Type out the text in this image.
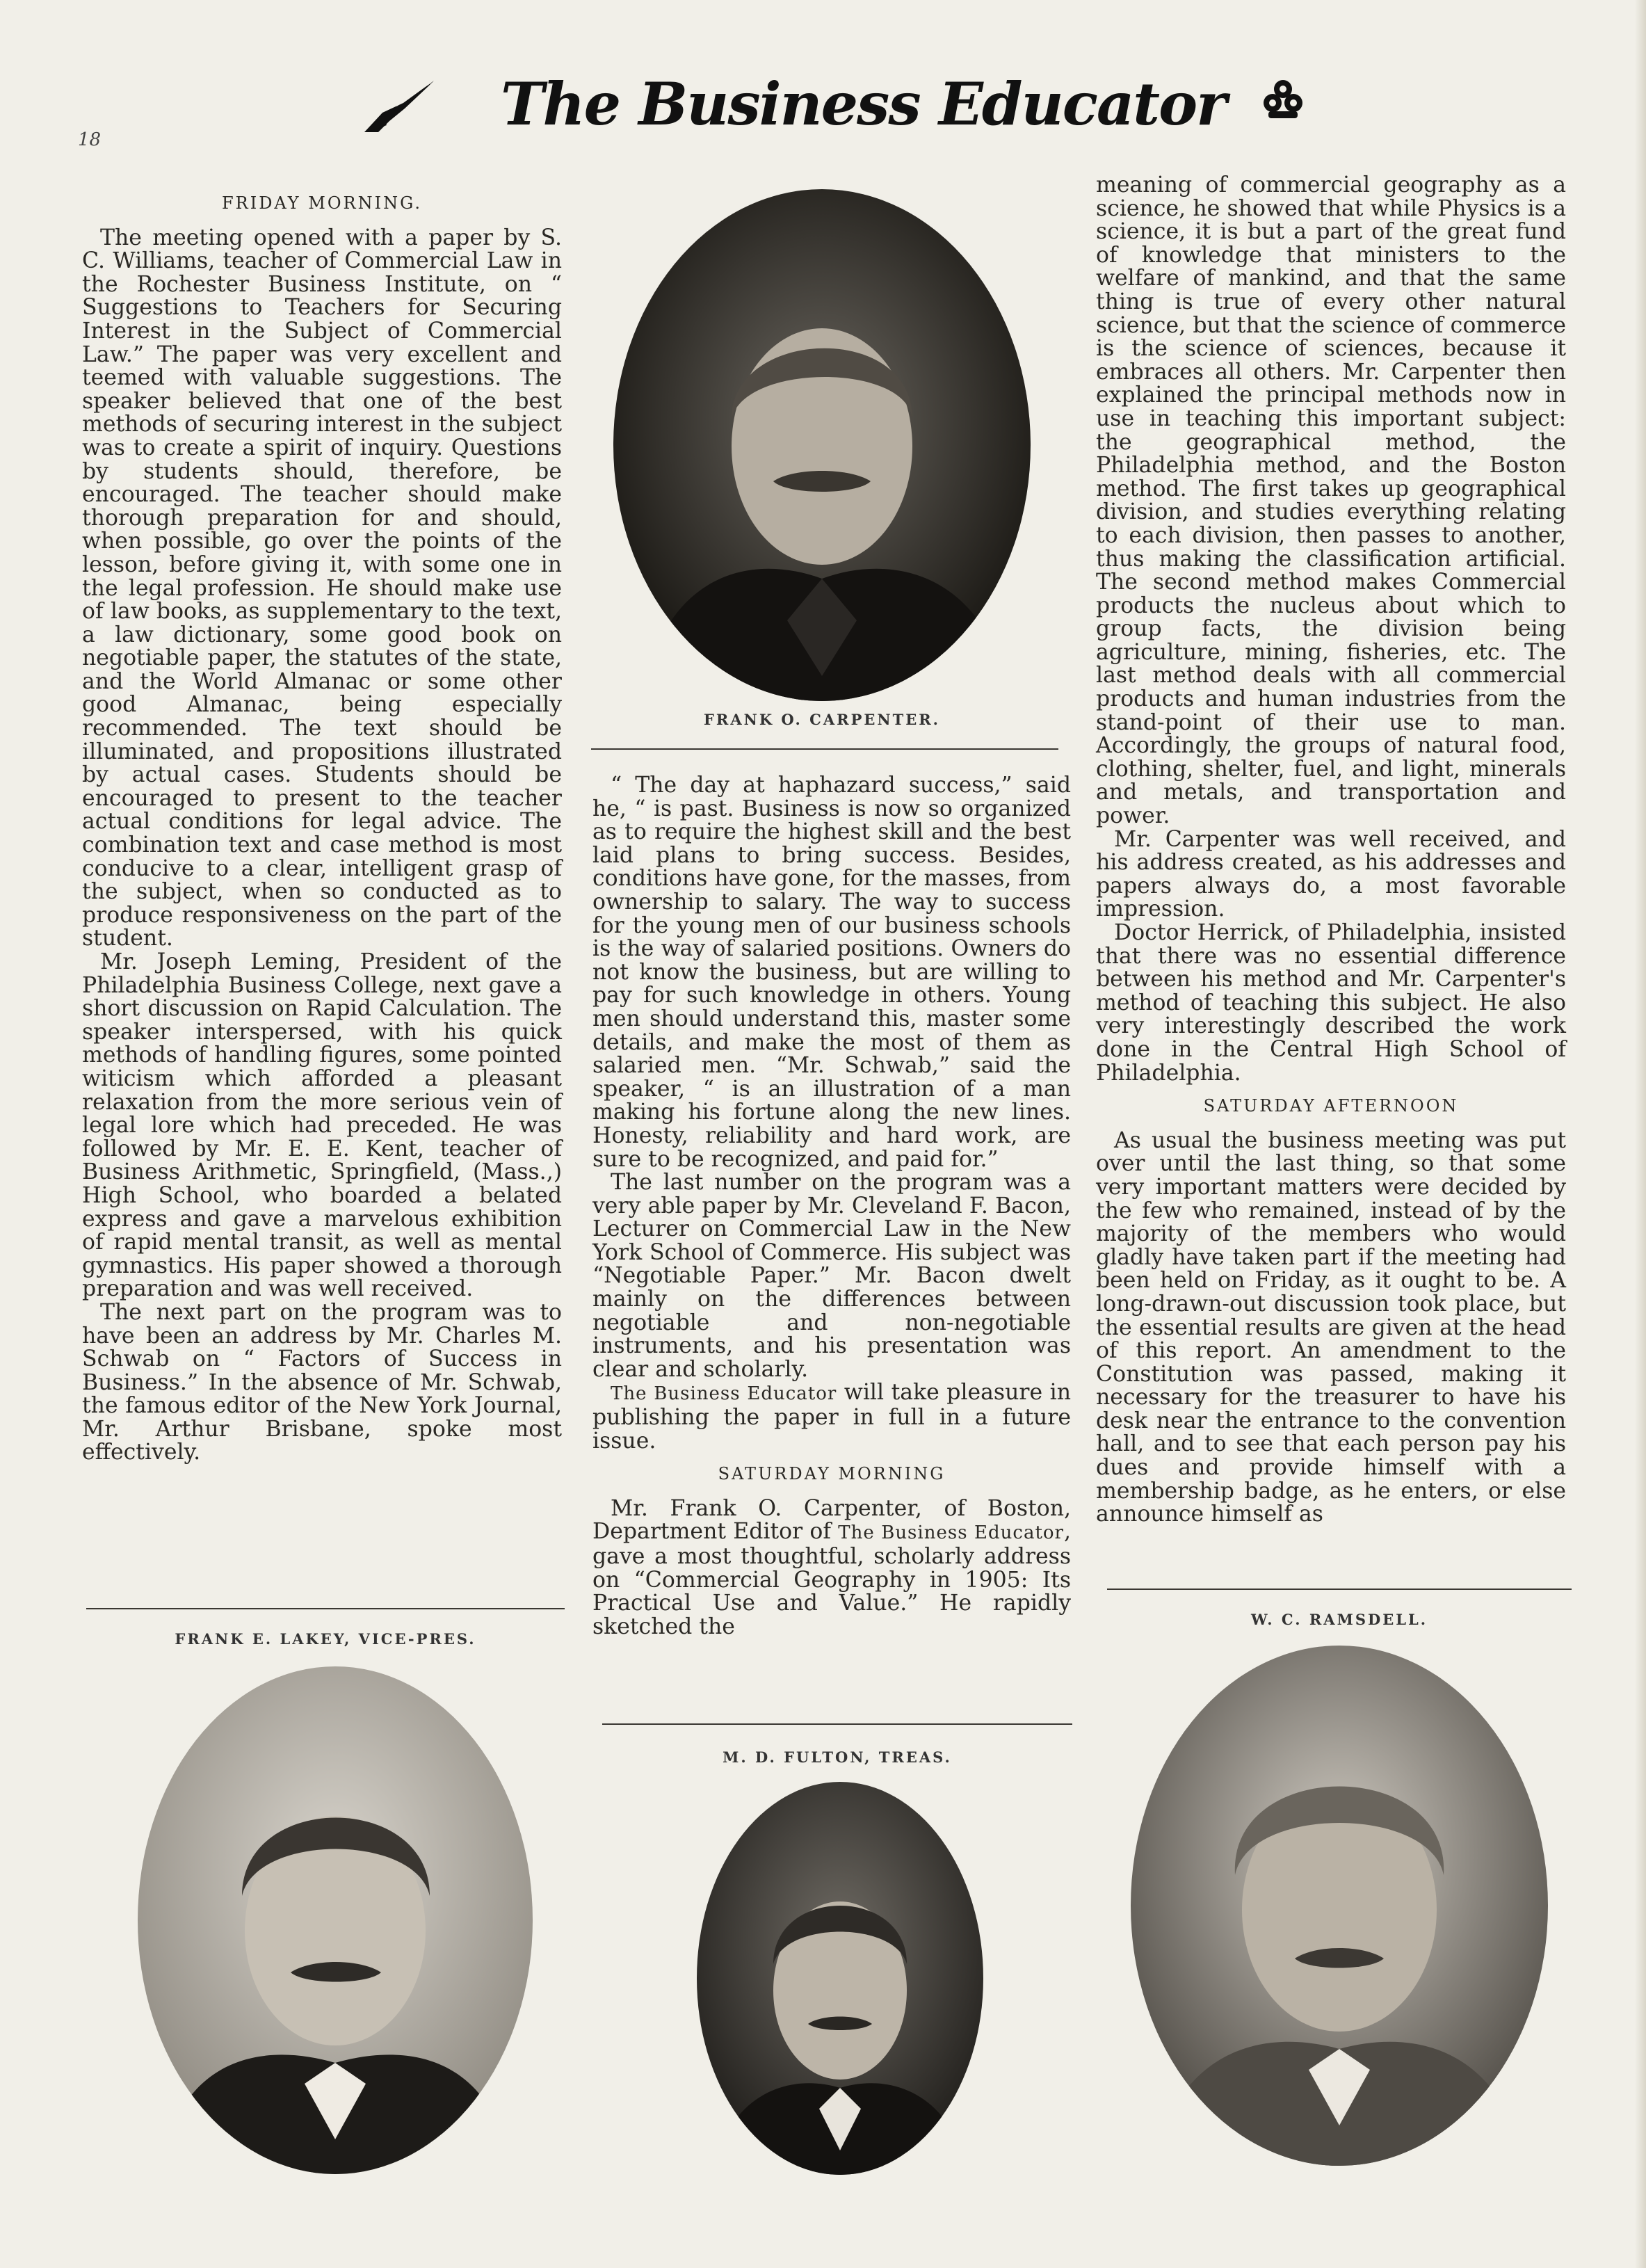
18
The Business Educator
FRIDAY MORNING.

The meeting opened with a paper by S. C. Williams, teacher of Commercial Law in the Rochester Business Institute, on “ Suggestions to Teachers for Securing Interest in the Subject of Commercial Law.” The paper was very excellent and teemed with valuable suggestions. The speaker believed that one of the best methods of securing interest in the subject was to create a spirit of inquiry. Questions by students should, therefore, be encouraged. The teacher should make thorough preparation for and should, when possible, go over the points of the lesson, before giving it, with some one in the legal profession. He should make use of law books, as supplementary to the text, a law dictionary, some good book on negotiable paper, the statutes of the state, and the World Almanac or some other good Almanac, being especially recommended. The text should be illuminated, and propositions illustrated by actual cases. Students should be encouraged to present to the teacher actual conditions for legal advice. The combination text and case method is most conducive to a clear, intelligent grasp of the subject, when so conducted as to produce responsiveness on the part of the student.

Mr. Joseph Leming, President of the Philadelphia Business College, next gave a short discussion on Rapid Calculation. The speaker interspersed, with his quick methods of handling figures, some pointed witicism which afforded a pleasant relaxation from the more serious vein of legal lore which had preceded. He was followed by Mr. E. E. Kent, teacher of Business Arithmetic, Springfield, (Mass.,) High School, who boarded a belated express and gave a marvelous exhibition of rapid mental transit, as well as mental gymnastics. His paper showed a thorough preparation and was well received.

The next part on the program was to have been an address by Mr. Charles M. Schwab on “ Factors of Success in Business.” In the absence of Mr. Schwab, the famous editor of the New York Journal, Mr. Arthur Brisbane, spoke most effectively.

“ The day at haphazard success,” said he, “ is past. Business is now so organized as to require the highest skill and the best laid plans to bring success. Besides, conditions have gone, for the masses, from ownership to salary. The way to success for the young men of our business schools is the way of salaried positions. Owners do not know the business, but are willing to pay for such knowledge in others. Young men should understand this, master some details, and make the most of them as salaried men. “Mr. Schwab,” said the speaker, “ is an illustration of a man making his fortune along the new lines. Honesty, reliability and hard work, are sure to be recognized, and paid for.”

The last number on the program was a very able paper by Mr. Cleveland F. Bacon, Lecturer on Commercial Law in the New York School of Commerce. His subject was “Negotiable Paper.” Mr. Bacon dwelt mainly on the differences between negotiable and non-negotiable instruments, and his presentation was clear and scholarly.

The Business Educator will take pleasure in publishing the paper in full in a future issue.

SATURDAY MORNING

Mr. Frank O. Carpenter, of Boston, Department Editor of The Business Educator, gave a most thoughtful, scholarly address on “Commercial Geography in 1905: Its Practical Use and Value.” He rapidly sketched the

meaning of commercial geography as a science, he showed that while Physics is a science, it is but a part of the great fund of knowledge that ministers to the welfare of mankind, and that the same thing is true of every other natural science, but that the science of commerce is the science of sciences, because it embraces all others. Mr. Carpenter then explained the principal methods now in use in teaching this important subject: the geographical method, the Philadelphia method, and the Boston method. The first takes up geographical division, and studies everything relating to each division, then passes to another, thus making the classification artificial. The second method makes Commercial products the nucleus about which to group facts, the division being agriculture, mining, fisheries, etc. The last method deals with all commercial products and human industries from the stand-point of their use to man. Accordingly, the groups of natural food, clothing, shelter, fuel, and light, minerals and metals, and transportation and power.

Mr. Carpenter was well received, and his address created, as his addresses and papers always do, a most favorable impression.

Doctor Herrick, of Philadelphia, insisted that there was no essential difference between his method and Mr. Carpenter's method of teaching this subject. He also very interestingly described the work done in the Central High School of Philadelphia.

SATURDAY AFTERNOON

As usual the business meeting was put over until the last thing, so that some very important matters were decided by the few who remained, instead of by the majority of the members who would gladly have taken part if the meeting had been held on Friday, as it ought to be. A long-drawn-out discussion took place, but the essential results are given at the head of this report. An amendment to the Constitution was passed, making it necessary for the treasurer to have his desk near the entrance to the convention hall, and to see that each person pay his dues and provide himself with a membership badge, as he enters, or else announce himself as

FRANK O. CARPENTER.
FRANK E. LAKEY, VICE-PRES.
M. D. FULTON, TREAS.
W. C. RAMSDELL.
